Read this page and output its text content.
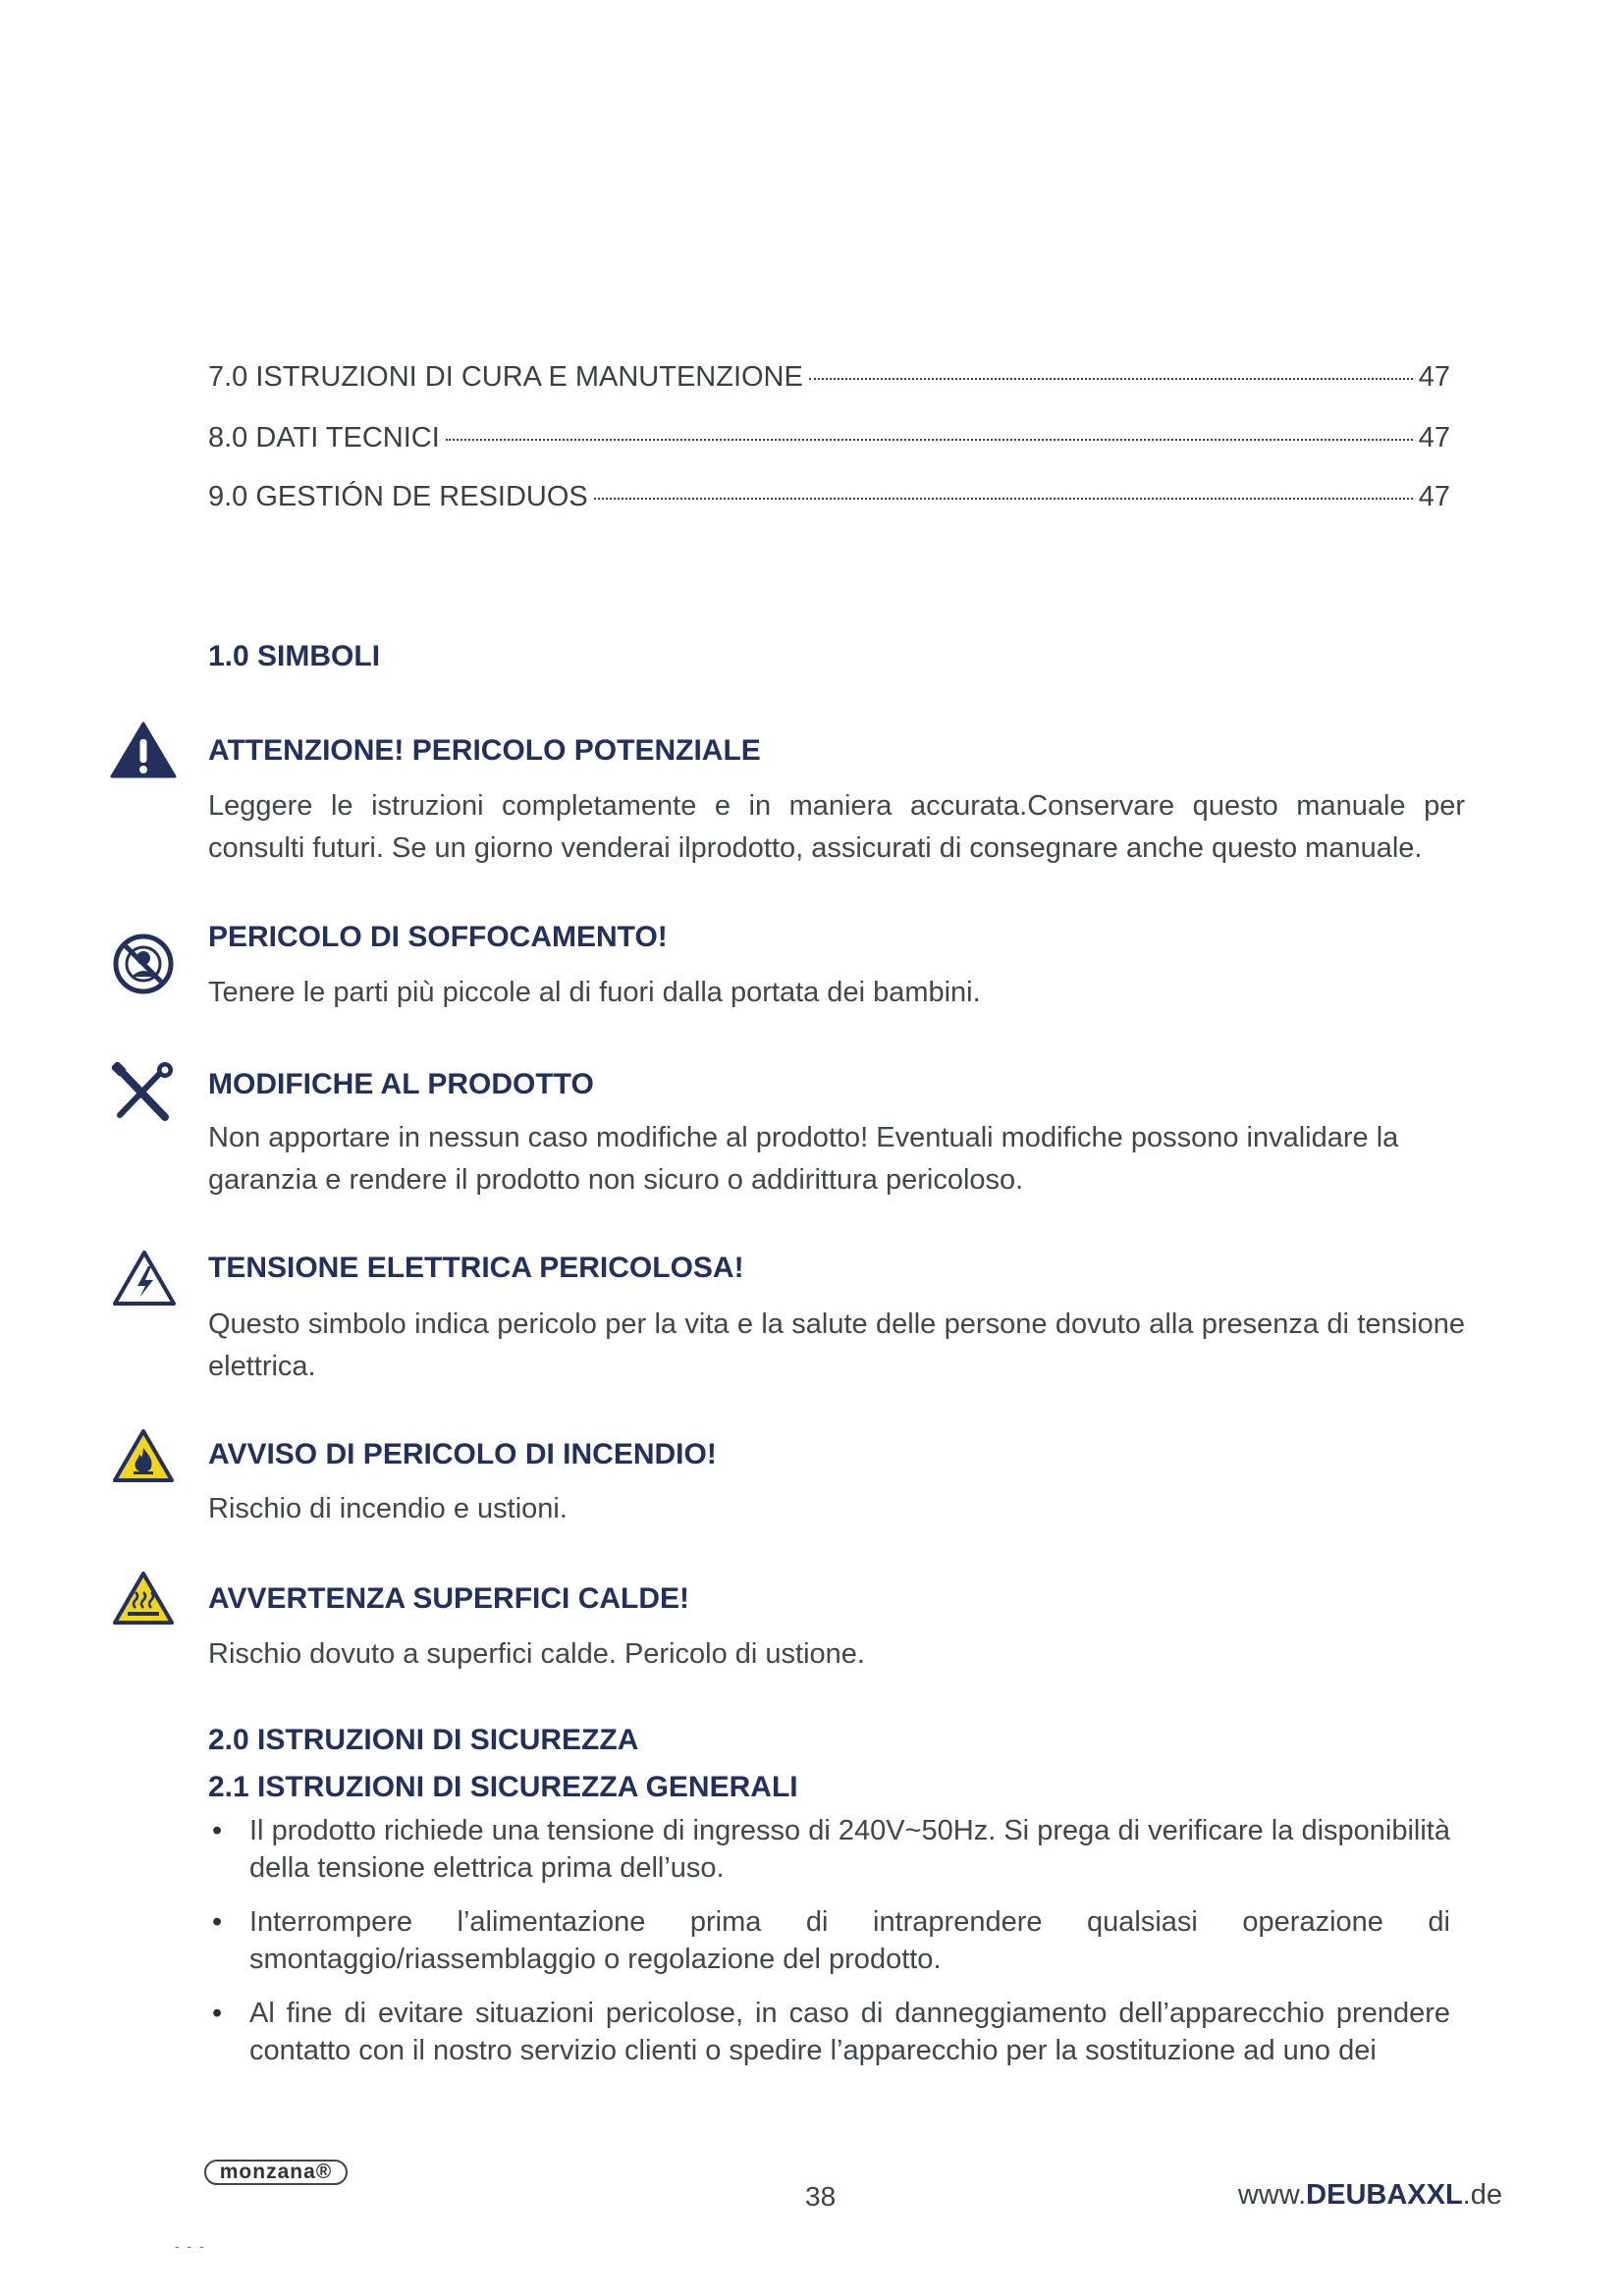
7.0 ISTRUZIONI DI CURA E MANUTENZIONE	47
8.0 DATI TECNICI	47
9.0 GESTIÓN DE RESIDUOS	47
1.0 SIMBOLI
ATTENZIONE! PERICOLO POTENZIALE
Leggere le istruzioni completamente e in maniera accurata.Conservare questo manuale per consulti futuri. Se un giorno venderai ilprodotto, assicurati di consegnare anche questo manuale.
PERICOLO DI SOFFOCAMENTO!
Tenere le parti più piccole al di fuori dalla portata dei bambini.
MODIFICHE AL PRODOTTO
Non apportare in nessun caso modifiche al prodotto! Eventuali modifiche possono invalidare la garanzia e rendere il prodotto non sicuro o addirittura pericoloso.
TENSIONE ELETTRICA PERICOLOSA!
Questo simbolo indica pericolo per la vita e la salute delle persone dovuto alla presenza di tensione elettrica.
AVVISO DI PERICOLO DI INCENDIO!
Rischio di incendio e ustioni.
AVVERTENZA SUPERFICI CALDE!
Rischio dovuto a superfici calde. Pericolo di ustione.
2.0 ISTRUZIONI DI SICUREZZA
2.1 ISTRUZIONI DI SICUREZZA GENERALI
• Il prodotto richiede una tensione di ingresso di 240V~50Hz. Si prega di verificare la disponibilità della tensione elettrica prima dell’uso.
• Interrompere l’alimentazione prima di intraprendere qualsiasi operazione di smontaggio/riassemblaggio o regolazione del prodotto.
• Al fine di evitare situazioni pericolose, in caso di danneggiamento dell’apparecchio prendere contatto con il nostro servizio clienti o spedire l’apparecchio per la sostituzione ad uno dei
monzana®
38	www.DEUBAXXL.de
- - -
